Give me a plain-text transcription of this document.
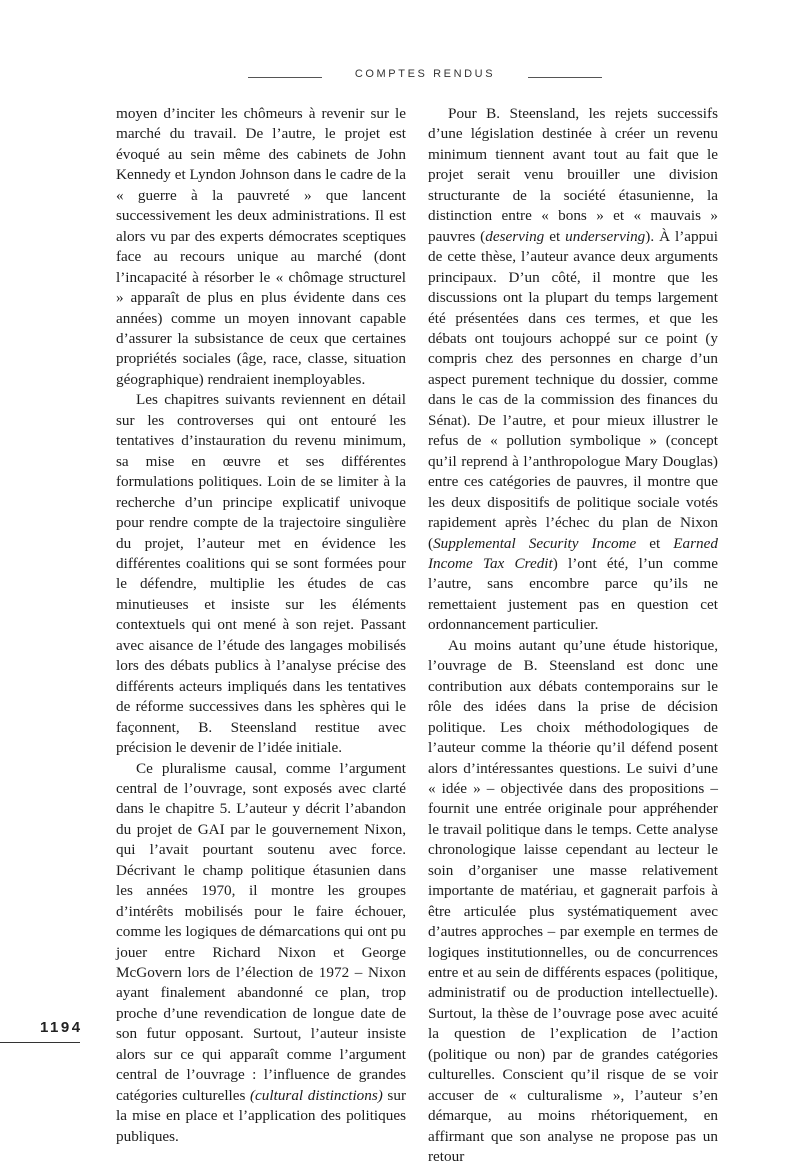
COMPTES RENDUS

moyen d’inciter les chômeurs à revenir sur le marché du travail. De l’autre, le projet est évoqué au sein même des cabinets de John Kennedy et Lyndon Johnson dans le cadre de la « guerre à la pauvreté » que lancent successivement les deux administrations. Il est alors vu par des experts démocrates sceptiques face au recours unique au marché (dont l’incapacité à résorber le « chômage structurel » apparaît de plus en plus évidente dans ces années) comme un moyen innovant capable d’assurer la subsistance de ceux que certaines propriétés sociales (âge, race, classe, situation géographique) rendraient inemployables.

Les chapitres suivants reviennent en détail sur les controverses qui ont entouré les tentatives d’instauration du revenu minimum, sa mise en œuvre et ses différentes formulations politiques. Loin de se limiter à la recherche d’un principe explicatif univoque pour rendre compte de la trajectoire singulière du projet, l’auteur met en évidence les différentes coalitions qui se sont formées pour le défendre, multiplie les études de cas minutieuses et insiste sur les éléments contextuels qui ont mené à son rejet. Passant avec aisance de l’étude des langages mobilisés lors des débats publics à l’analyse précise des différents acteurs impliqués dans les tentatives de réforme successives dans les sphères qui le façonnent, B. Steensland restitue avec précision le devenir de l’idée initiale.

Ce pluralisme causal, comme l’argument central de l’ouvrage, sont exposés avec clarté dans le chapitre 5. L’auteur y décrit l’abandon du projet de GAI par le gouvernement Nixon, qui l’avait pourtant soutenu avec force. Décrivant le champ politique étasunien dans les années 1970, il montre les groupes d’intérêts mobilisés pour le faire échouer, comme les logiques de démarcations qui ont pu jouer entre Richard Nixon et George McGovern lors de l’élection de 1972 – Nixon ayant finalement abandonné ce plan, trop proche d’une revendication de longue date de son futur opposant. Surtout, l’auteur insiste alors sur ce qui apparaît comme l’argument central de l’ouvrage : l’influence de grandes catégories culturelles (cultural distinctions) sur la mise en place et l’application des politiques publiques.

Pour B. Steensland, les rejets successifs d’une législation destinée à créer un revenu minimum tiennent avant tout au fait que le projet serait venu brouiller une division structurante de la société étasunienne, la distinction entre « bons » et « mauvais » pauvres (deserving et underserving). À l’appui de cette thèse, l’auteur avance deux arguments principaux. D’un côté, il montre que les discussions ont la plupart du temps largement été présentées dans ces termes, et que les débats ont toujours achoppé sur ce point (y compris chez des personnes en charge d’un aspect purement technique du dossier, comme dans le cas de la commission des finances du Sénat). De l’autre, et pour mieux illustrer le refus de « pollution symbolique » (concept qu’il reprend à l’anthropologue Mary Douglas) entre ces catégories de pauvres, il montre que les deux dispositifs de politique sociale votés rapidement après l’échec du plan de Nixon (Supplemental Security Income et Earned Income Tax Credit) l’ont été, l’un comme l’autre, sans encombre parce qu’ils ne remettaient justement pas en question cet ordonnancement particulier.

Au moins autant qu’une étude historique, l’ouvrage de B. Steensland est donc une contribution aux débats contemporains sur le rôle des idées dans la prise de décision politique. Les choix méthodologiques de l’auteur comme la théorie qu’il défend posent alors d’intéressantes questions. Le suivi d’une « idée » – objectivée dans des propositions – fournit une entrée originale pour appréhender le travail politique dans le temps. Cette analyse chronologique laisse cependant au lecteur le soin d’organiser une masse relativement importante de matériau, et gagnerait parfois à être articulée plus systématiquement avec d’autres approches – par exemple en termes de logiques institutionnelles, ou de concurrences entre et au sein de différents espaces (politique, administratif ou de production intellectuelle). Surtout, la thèse de l’ouvrage pose avec acuité la question de l’explication de l’action (politique ou non) par de grandes catégories culturelles. Conscient qu’il risque de se voir accuser de « culturalisme », l’auteur s’en démarque, au moins rhétoriquement, en affirmant que son analyse ne propose pas un retour

1194
